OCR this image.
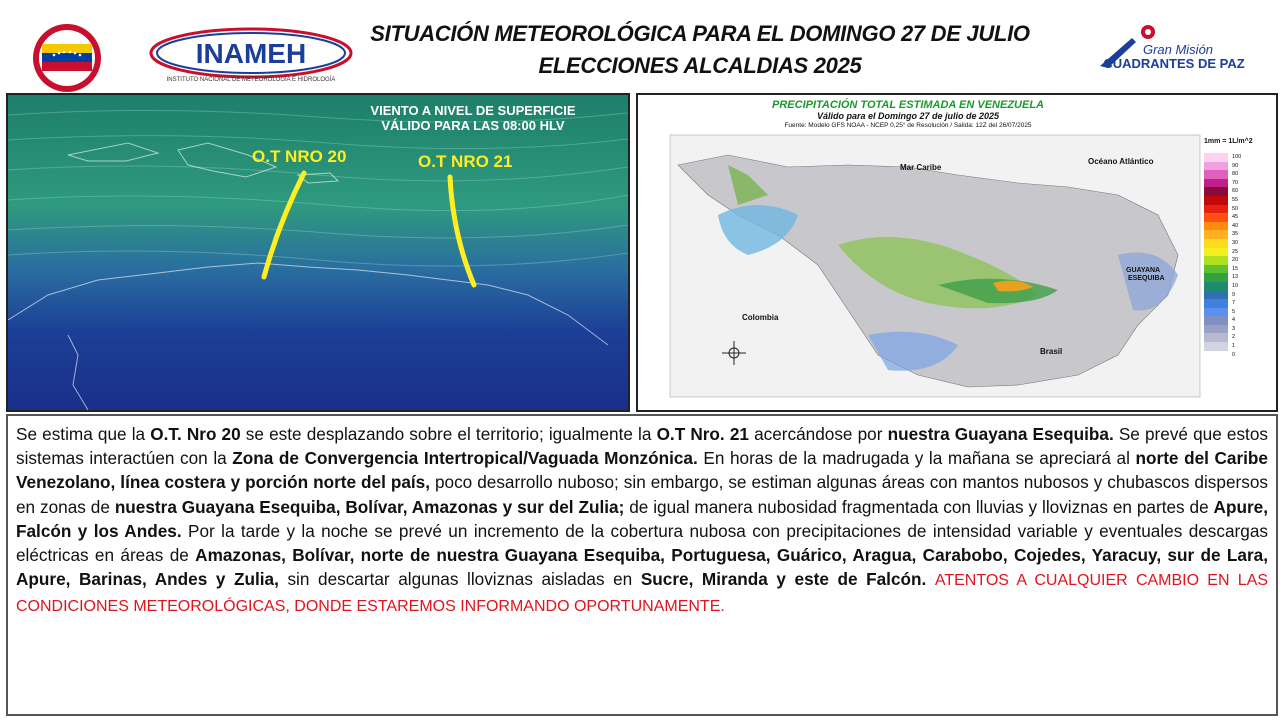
INAMEH
INSTITUTO NACIONAL DE METEOROLOGÍA E HIDROLOGÍA
SITUACIÓN METEOROLÓGICA PARA EL DOMINGO 27 DE JULIO
ELECCIONES ALCALDIAS 2025
Gran Misión
CUADRANTES DE PAZ
VIENTO A NIVEL DE SUPERFICIE
VÁLIDO PARA LAS 08:00 HLV
O.T NRO 20	O.T NRO 21
PRECIPITACIÓN TOTAL ESTIMADA EN VENEZUELA
Válido para el Domingo 27 de julio de 2025
Fuente: Modelo GFS NOAA - NCEP 0,25° de Resolución / Salida: 12Z del 26/07/2025
Mar Caribe
Océano Atlántico
Colombia
Brasil
GUAYANA
ESEQUIBA
1mm = 1L/m^2
100
90
80
70
60
55
50
45
40
35
30
25
20
15
13
10
9
7
5
4
3
2
1
0
Se estima que la O.T. Nro 20 se este desplazando sobre el territorio; igualmente la O.T Nro. 21 acercándose por nuestra Guayana Esequiba. Se prevé que estos sistemas interactúen con la Zona de Convergencia Intertropical/Vaguada Monzónica. En horas de la madrugada y la mañana se apreciará al norte del Caribe Venezolano, línea costera y porción norte del país, poco desarrollo nuboso; sin embargo, se estiman algunas áreas con mantos nubosos y chubascos dispersos en zonas de nuestra Guayana Esequiba, Bolívar, Amazonas y sur del Zulia; de igual manera nubosidad fragmentada con lluvias y lloviznas en partes de Apure, Falcón y los Andes. Por la tarde y la noche se prevé un incremento de la cobertura nubosa con precipitaciones de intensidad variable y eventuales descargas eléctricas en áreas de Amazonas, Bolívar, norte de nuestra Guayana Esequiba, Portuguesa, Guárico, Aragua, Carabobo, Cojedes, Yaracuy, sur de Lara, Apure, Barinas, Andes y Zulia, sin descartar algunas lloviznas aisladas en Sucre, Miranda y este de Falcón. ATENTOS A CUALQUIER CAMBIO EN LAS CONDICIONES METEOROLÓGICAS, DONDE ESTAREMOS INFORMANDO OPORTUNAMENTE.
